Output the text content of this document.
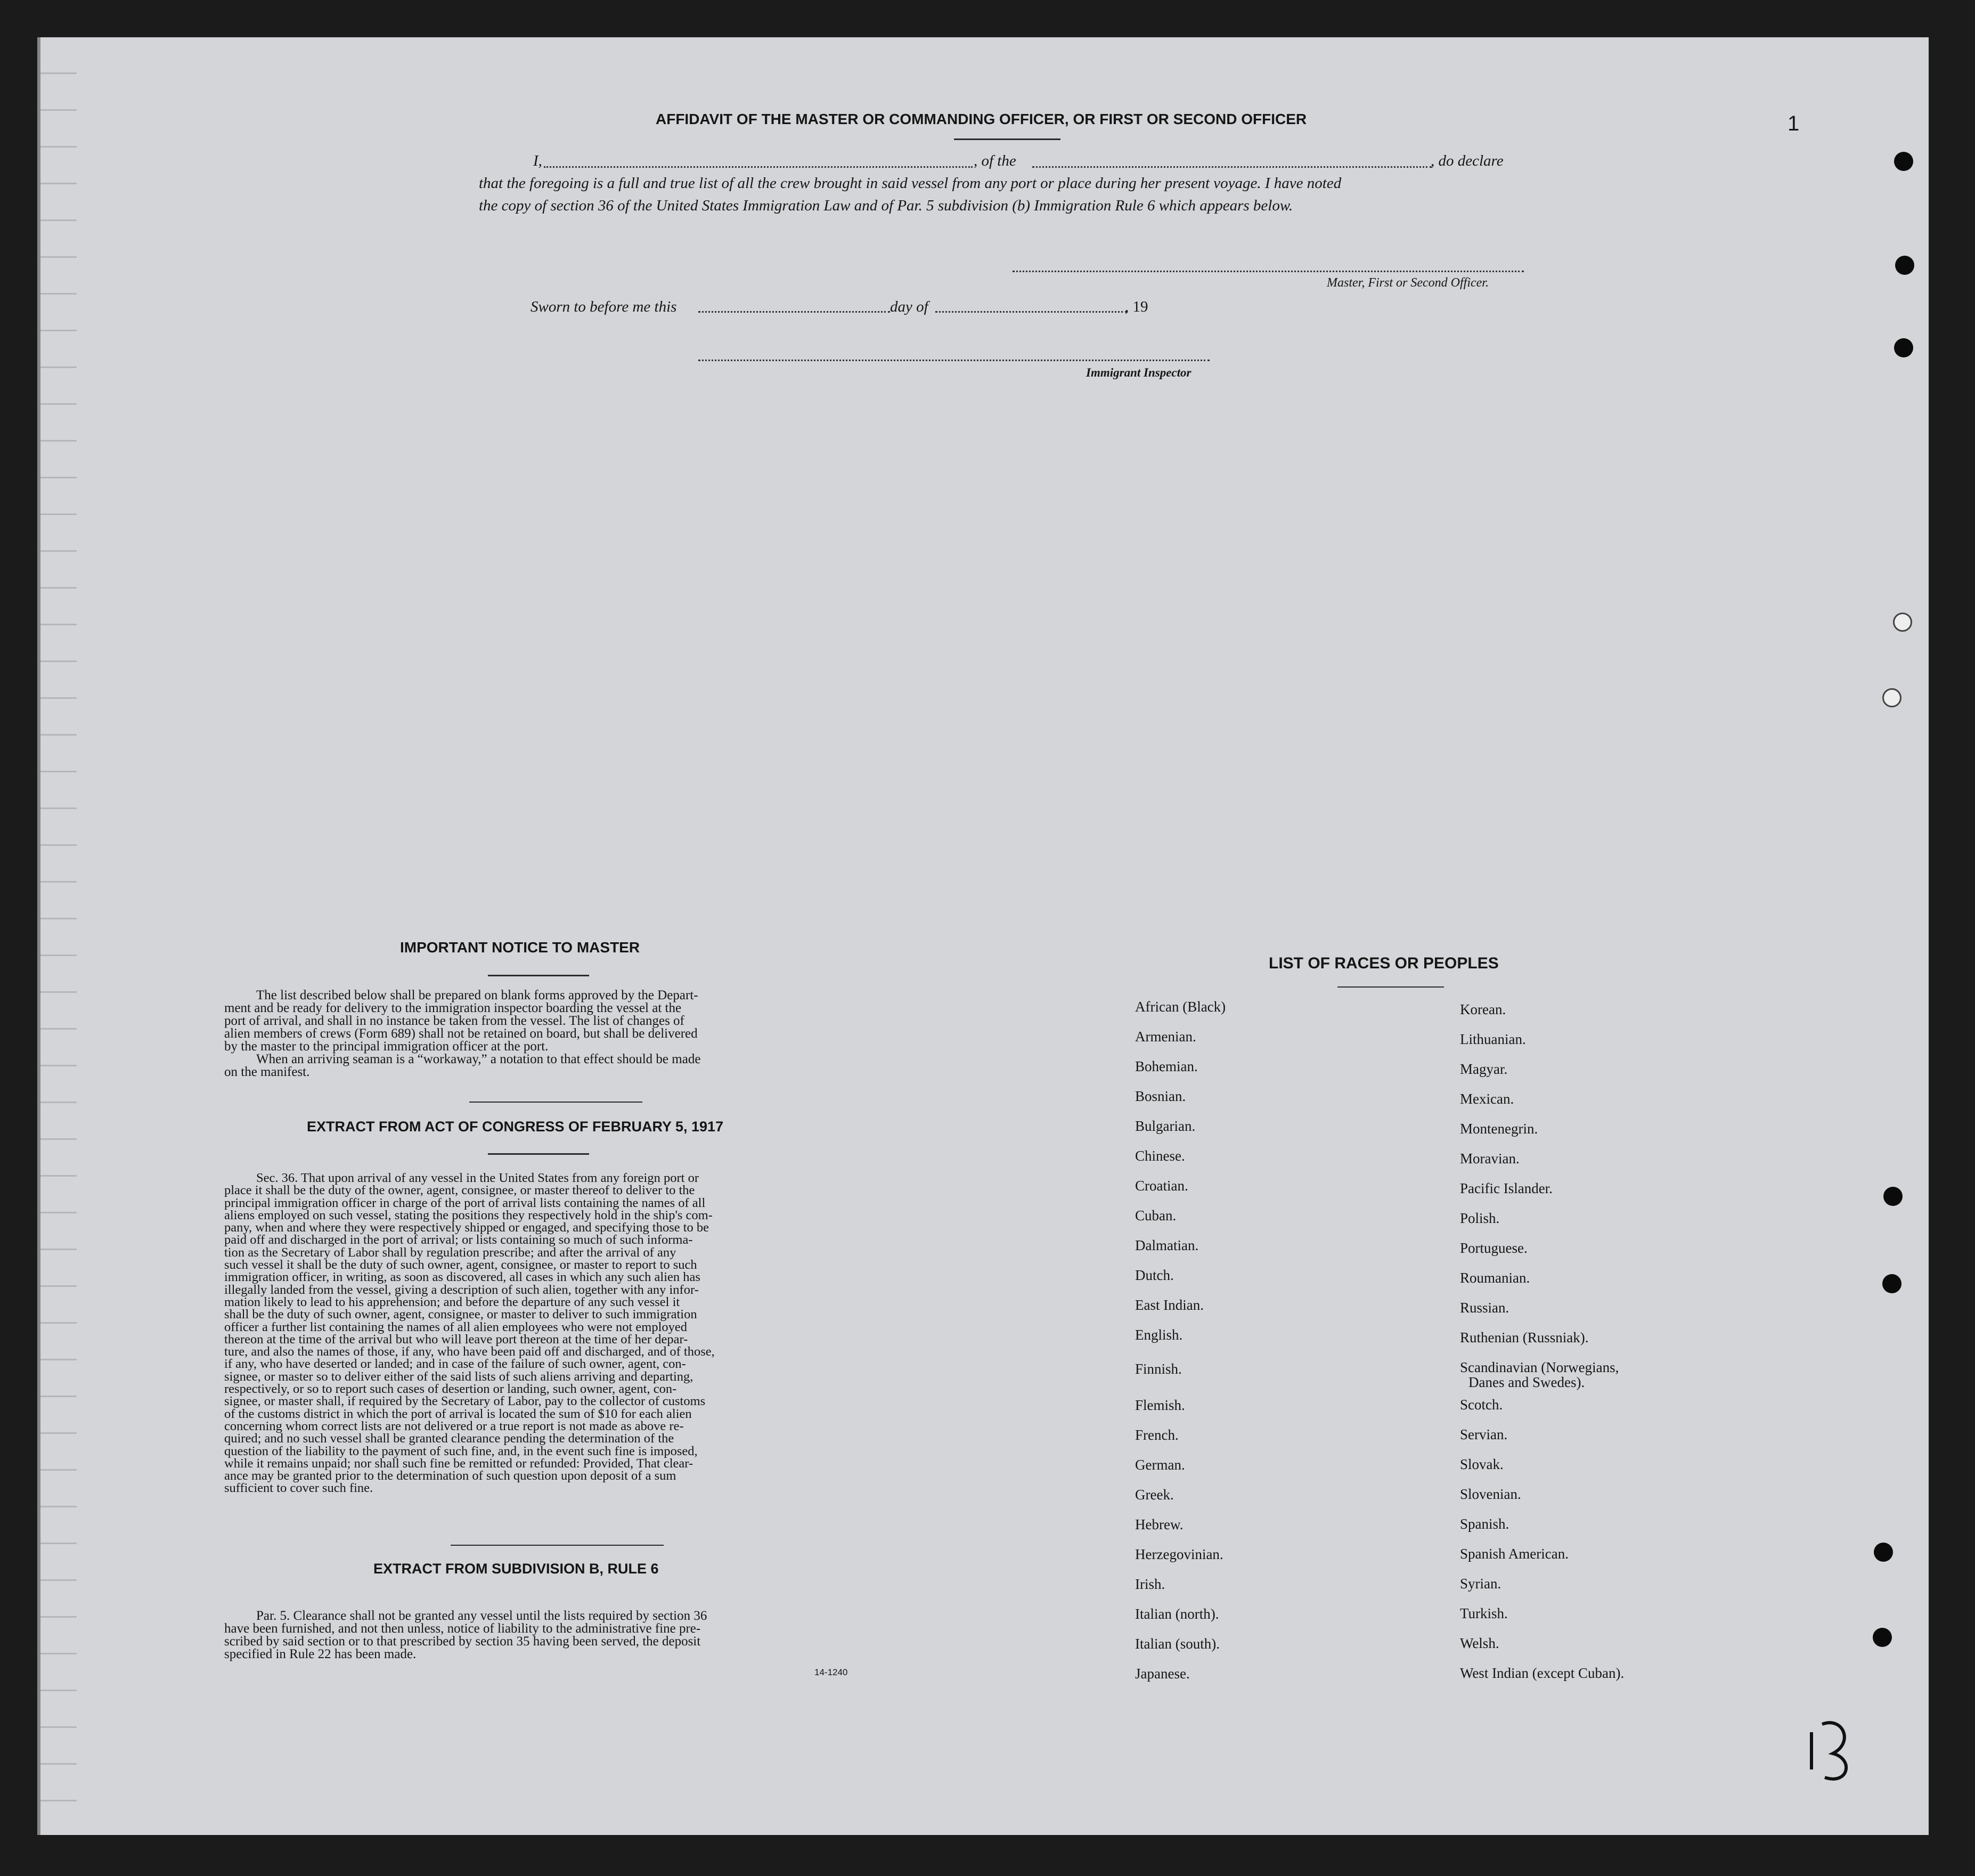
AFFIDAVIT OF THE MASTER OR COMMANDING OFFICER, OR FIRST OR SECOND OFFICER
I,	, of the	, do declare
that the foregoing is a full and true list of all the crew brought in said vessel from any port or place during her present voyage. I have noted
the copy of section 36 of the United States Immigration Law and of Par. 5 subdivision (b) Immigration Rule 6 which appears below.
Master, First or Second Officer.
Sworn to before me this	day of	, 19
Immigrant Inspector
IMPORTANT NOTICE TO MASTER
The list described below shall be prepared on blank forms approved by the Depart-
ment and be ready for delivery to the immigration inspector boarding the vessel at the
port of arrival, and shall in no instance be taken from the vessel. The list of changes of
alien members of crews (Form 689) shall not be retained on board, but shall be delivered
by the master to the principal immigration officer at the port.
When an arriving seaman is a “workaway,” a notation to that effect should be made
on the manifest.
EXTRACT FROM ACT OF CONGRESS OF FEBRUARY 5, 1917
Sec. 36. That upon arrival of any vessel in the United States from any foreign port or
place it shall be the duty of the owner, agent, consignee, or master thereof to deliver to the
principal immigration officer in charge of the port of arrival lists containing the names of all
aliens employed on such vessel, stating the positions they respectively hold in the ship's com-
pany, when and where they were respectively shipped or engaged, and specifying those to be
paid off and discharged in the port of arrival; or lists containing so much of such informa-
tion as the Secretary of Labor shall by regulation prescribe; and after the arrival of any
such vessel it shall be the duty of such owner, agent, consignee, or master to report to such
immigration officer, in writing, as soon as discovered, all cases in which any such alien has
illegally landed from the vessel, giving a description of such alien, together with any infor-
mation likely to lead to his apprehension; and before the departure of any such vessel it
shall be the duty of such owner, agent, consignee, or master to deliver to such immigration
officer a further list containing the names of all alien employees who were not employed
thereon at the time of the arrival but who will leave port thereon at the time of her depar-
ture, and also the names of those, if any, who have been paid off and discharged, and of those,
if any, who have deserted or landed; and in case of the failure of such owner, agent, con-
signee, or master so to deliver either of the said lists of such aliens arriving and departing,
respectively, or so to report such cases of desertion or landing, such owner, agent, con-
signee, or master shall, if required by the Secretary of Labor, pay to the collector of customs
of the customs district in which the port of arrival is located the sum of $10 for each alien
concerning whom correct lists are not delivered or a true report is not made as above re-
quired; and no such vessel shall be granted clearance pending the determination of the
question of the liability to the payment of such fine, and, in the event such fine is imposed,
while it remains unpaid; nor shall such fine be remitted or refunded: Provided, That clear-
ance may be granted prior to the determination of such question upon deposit of a sum
sufficient to cover such fine.
EXTRACT FROM SUBDIVISION B, RULE 6
Par. 5. Clearance shall not be granted any vessel until the lists required by section 36
have been furnished, and not then unless, notice of liability to the administrative fine pre-
scribed by said section or to that prescribed by section 35 having been served, the deposit
specified in Rule 22 has been made.
14-1240
LIST OF RACES OR PEOPLES
African (Black)
Armenian.
Bohemian.
Bosnian.
Bulgarian.
Chinese.
Croatian.
Cuban.
Dalmatian.
Dutch.
East Indian.
English.
Finnish.
Flemish.
French.
German.
Greek.
Hebrew.
Herzegovinian.
Irish.
Italian (north).
Italian (south).
Japanese.
Korean.
Lithuanian.
Magyar.
Mexican.
Montenegrin.
Moravian.
Pacific Islander.
Polish.
Portuguese.
Roumanian.
Russian.
Ruthenian (Russniak).
Scandinavian (Norwegians,
Danes and Swedes).
Scotch.
Servian.
Slovak.
Slovenian.
Spanish.
Spanish American.
Syrian.
Turkish.
Welsh.
West Indian (except Cuban).
1
